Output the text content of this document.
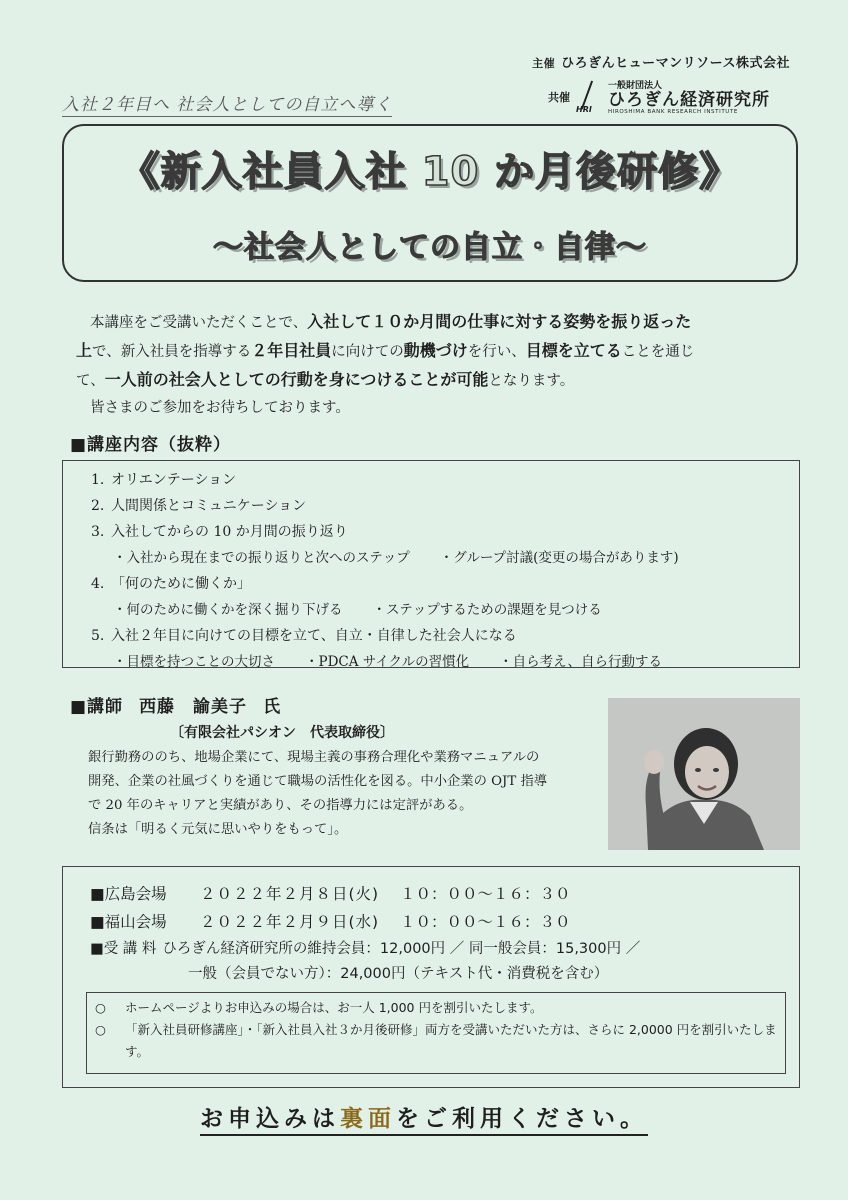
主催 ひろぎんヒューマンリソース株式会社
共催
HRI
一般財団法人
ひろぎん経済研究所
HIROSHIMA BANK RESEARCH INSTITUTE
入社２年目へ 社会人としての自立へ導く
《新入社員入社 10 か月後研修》
～社会人としての自立・自律～

本講座をご受講いただくことで、入社して１０か月間の仕事に対する姿勢を振り返った

上で、新入社員を指導する２年目社員に向けての動機づけを行い、目標を立てることを通じ

て、一人前の社会人としての行動を身につけることが可能となります。

皆さまのご参加をお待ちしております。

■講座内容（抜粋）
1. オリエンテーション
2. 人間関係とコミュニケーション
3. 入社してからの 10 か月間の振り返り
・入社から現在までの振り返りと次へのステップ ・グループ討議(変更の場合があります)
4. 「何のために働くか」
・何のために働くかを深く掘り下げる ・ステップするための課題を見つける
5. 入社２年目に向けての目標を立て、自立・自律した社会人になる
・目標を持つことの大切さ ・PDCA サイクルの習慣化 ・自ら考え、自ら行動する
■講師 西藤　諭美子 氏
〔有限会社パシオン　代表取締役〕

銀行勤務ののち、地場企業にて、現場主義の事務合理化や業務マニュアルの

開発、企業の社風づくりを通じて職場の活性化を図る。中小企業の OJT 指導

で 20 年のキャリアと実績があり、その指導力には定評がある。

信条は「明るく元気に思いやりをもって」。

■広島会場 ２０２２年２月８日(火) １０：００～１６：３０
■福山会場 ２０２２年２月９日(水) １０：００～１６：３０
■受 講 料 ひろぎん経済研究所の維持会員：12,000円 ／ 同一般会員：15,300円 ／
一般（会員でない方）：24,000円（テキスト代・消費税を含む）
○	ホームページよりお申込みの場合は、お一人 1,000 円を割引いたします。
○	「新入社員研修講座」・「新入社員入社３か月後研修」両方を受講いただいた方は、さらに 2,0000 円を割引いたします。
お申込みは裏面をご利用ください。
